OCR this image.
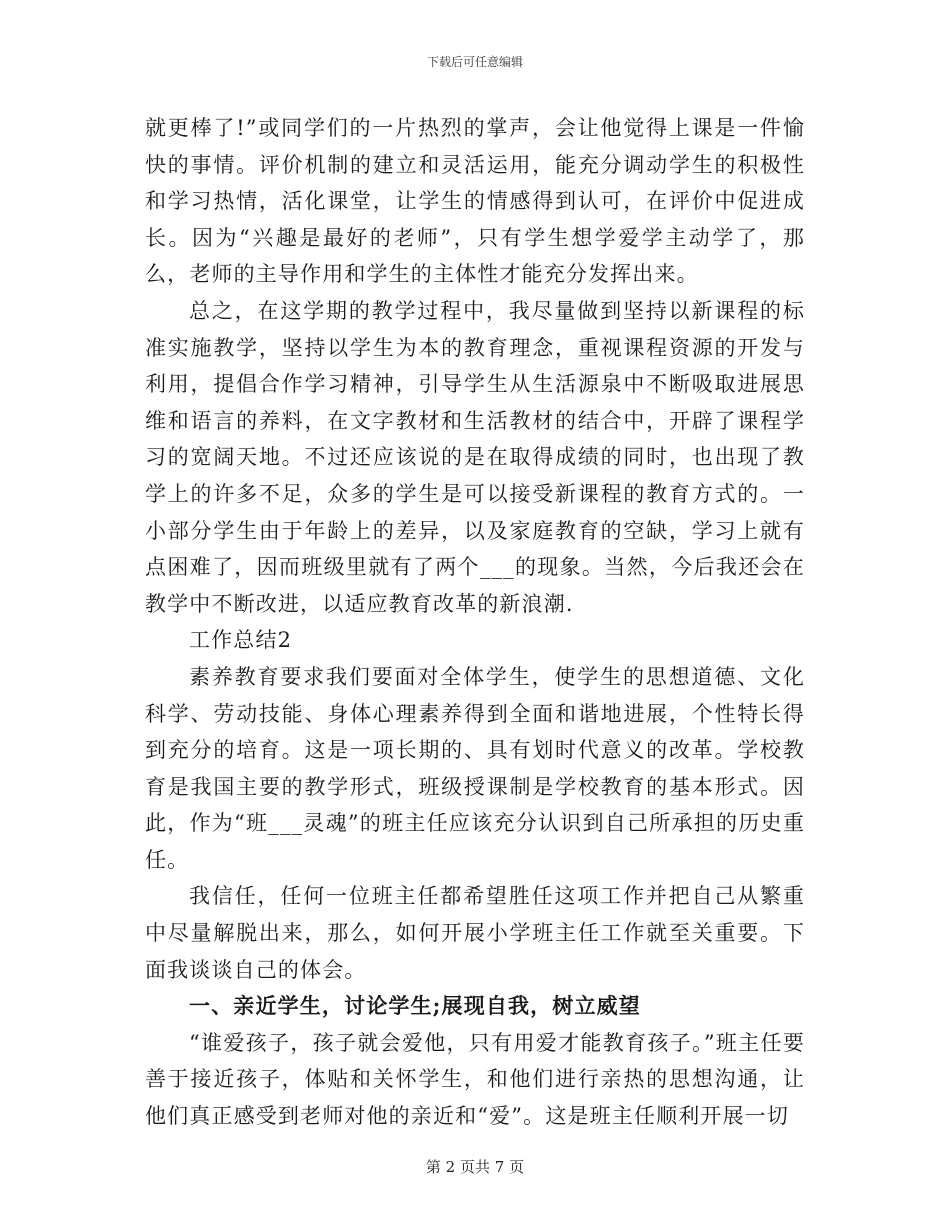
下载后可任意编辑

就更棒了!”或同学们的一片热烈的掌声，会让他觉得上课是一件愉快的事情。评价机制的建立和灵活运用，能充分调动学生的积极性和学习热情，活化课堂，让学生的情感得到认可，在评价中促进成长。因为“兴趣是最好的老师”，只有学生想学爱学主动学了，那么，老师的主导作用和学生的主体性才能充分发挥出来。

总之，在这学期的教学过程中，我尽量做到坚持以新课程的标准实施教学，坚持以学生为本的教育理念，重视课程资源的开发与利用，提倡合作学习精神，引导学生从生活源泉中不断吸取进展思维和语言的养料，在文字教材和生活教材的结合中，开辟了课程学习的宽阔天地。不过还应该说的是在取得成绩的同时，也出现了教学上的许多不足，众多的学生是可以接受新课程的教育方式的。一小部分学生由于年龄上的差异，以及家庭教育的空缺，学习上就有点困难了，因而班级里就有了两个___的现象。当然，今后我还会在教学中不断改进，以适应教育改革的新浪潮.

工作总结2

素养教育要求我们要面对全体学生，使学生的思想道德、文化科学、劳动技能、身体心理素养得到全面和谐地进展，个性特长得到充分的培育。这是一项长期的、具有划时代意义的改革。学校教育是我国主要的教学形式，班级授课制是学校教育的基本形式。因此，作为“班___灵魂”的班主任应该充分认识到自己所承担的历史重任。

我信任，任何一位班主任都希望胜任这项工作并把自己从繁重中尽量解脱出来，那么，如何开展小学班主任工作就至关重要。下面我谈谈自己的体会。

一、亲近学生，讨论学生;展现自我，树立威望

“谁爱孩子，孩子就会爱他，只有用爱才能教育孩子。”班主任要善于接近孩子，体贴和关怀学生，和他们进行亲热的思想沟通，让他们真正感受到老师对他的亲近和“爱”。这是班主任顺利开展一切

第 2 页共 7 页
